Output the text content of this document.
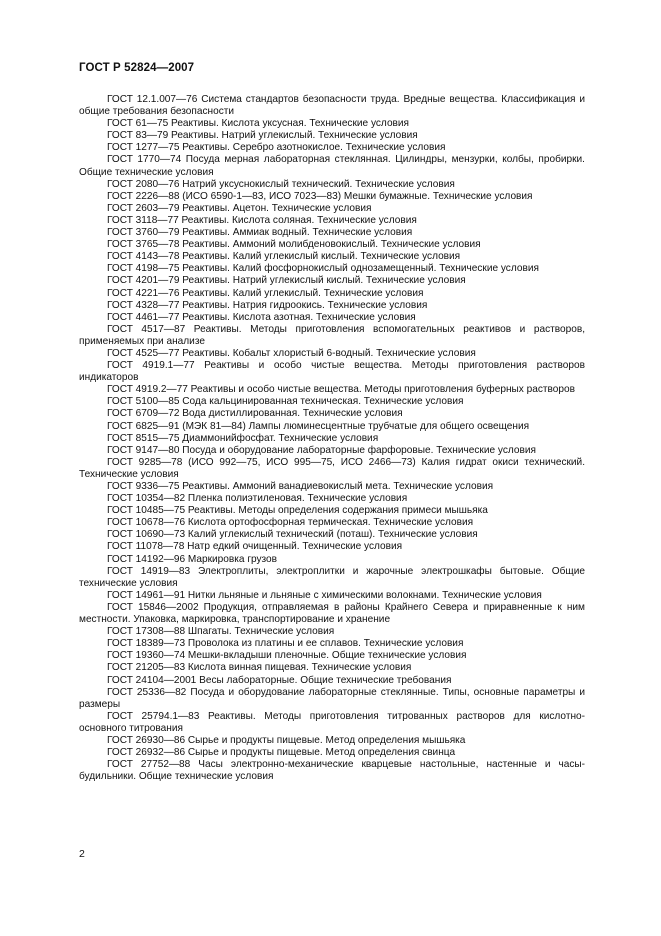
ГОСТ Р 52824—2007

ГОСТ 12.1.007—76 Система стандартов безопасности труда. Вредные вещества. Классификация и общие требования безопасности

ГОСТ 61—75 Реактивы. Кислота уксусная. Технические условия

ГОСТ 83—79 Реактивы. Натрий углекислый. Технические условия

ГОСТ 1277—75 Реактивы. Серебро азотнокислое. Технические условия

ГОСТ 1770—74 Посуда мерная лабораторная стеклянная. Цилиндры, мензурки, колбы, пробирки. Общие технические условия

ГОСТ 2080—76 Натрий уксуснокислый технический. Технические условия

ГОСТ 2226—88 (ИСО 6590-1—83, ИСО 7023—83) Мешки бумажные. Технические условия

ГОСТ 2603—79 Реактивы. Ацетон. Технические условия

ГОСТ 3118—77 Реактивы. Кислота соляная. Технические условия

ГОСТ 3760—79 Реактивы. Аммиак водный. Технические условия

ГОСТ 3765—78 Реактивы. Аммоний молибденовокислый. Технические условия

ГОСТ 4143—78 Реактивы. Калий углекислый кислый. Технические условия

ГОСТ 4198—75 Реактивы. Калий фосфорнокислый однозамещенный. Технические условия

ГОСТ 4201—79 Реактивы. Натрий углекислый кислый. Технические условия

ГОСТ 4221—76 Реактивы. Калий углекислый. Технические условия

ГОСТ 4328—77 Реактивы. Натрия гидроокись. Технические условия

ГОСТ 4461—77 Реактивы. Кислота азотная. Технические условия

ГОСТ 4517—87 Реактивы. Методы приготовления вспомогательных реактивов и растворов, применяемых при анализе

ГОСТ 4525—77 Реактивы. Кобальт хлористый 6-водный. Технические условия

ГОСТ 4919.1—77 Реактивы и особо чистые вещества. Методы приготовления растворов индикаторов

ГОСТ 4919.2—77 Реактивы и особо чистые вещества. Методы приготовления буферных растворов

ГОСТ 5100—85 Сода кальцинированная техническая. Технические условия

ГОСТ 6709—72 Вода дистиллированная. Технические условия

ГОСТ 6825—91 (МЭК 81—84) Лампы люминесцентные трубчатые для общего освещения

ГОСТ 8515—75 Диаммонийфосфат. Технические условия

ГОСТ 9147—80 Посуда и оборудование лабораторные фарфоровые. Технические условия

ГОСТ 9285—78 (ИСО 992—75, ИСО 995—75, ИСО 2466—73) Калия гидрат окиси технический. Технические условия

ГОСТ 9336—75 Реактивы. Аммоний ванадиевокислый мета. Технические условия

ГОСТ 10354—82 Пленка полиэтиленовая. Технические условия

ГОСТ 10485—75 Реактивы. Методы определения содержания примеси мышьяка

ГОСТ 10678—76 Кислота ортофосфорная термическая. Технические условия

ГОСТ 10690—73 Калий углекислый технический (поташ). Технические условия

ГОСТ 11078—78 Натр едкий очищенный. Технические условия

ГОСТ 14192—96 Маркировка грузов

ГОСТ 14919—83 Электроплиты, электроплитки и жарочные электрошкафы бытовые. Общие технические условия

ГОСТ 14961—91 Нитки льняные и льняные с химическими волокнами. Технические условия

ГОСТ 15846—2002 Продукция, отправляемая в районы Крайнего Севера и приравненные к ним местности. Упаковка, маркировка, транспортирование и хранение

ГОСТ 17308—88 Шпагаты. Технические условия

ГОСТ 18389—73 Проволока из платины и ее сплавов. Технические условия

ГОСТ 19360—74 Мешки-вкладыши пленочные. Общие технические условия

ГОСТ 21205—83 Кислота винная пищевая. Технические условия

ГОСТ 24104—2001 Весы лабораторные. Общие технические требования

ГОСТ 25336—82 Посуда и оборудование лабораторные стеклянные. Типы, основные параметры и размеры

ГОСТ 25794.1—83 Реактивы. Методы приготовления титрованных растворов для кислотно-основного титрования

ГОСТ 26930—86 Сырье и продукты пищевые. Метод определения мышьяка

ГОСТ 26932—86 Сырье и продукты пищевые. Метод определения свинца

ГОСТ 27752—88 Часы электронно-механические кварцевые настольные, настенные и часы-будильники. Общие технические условия

2
